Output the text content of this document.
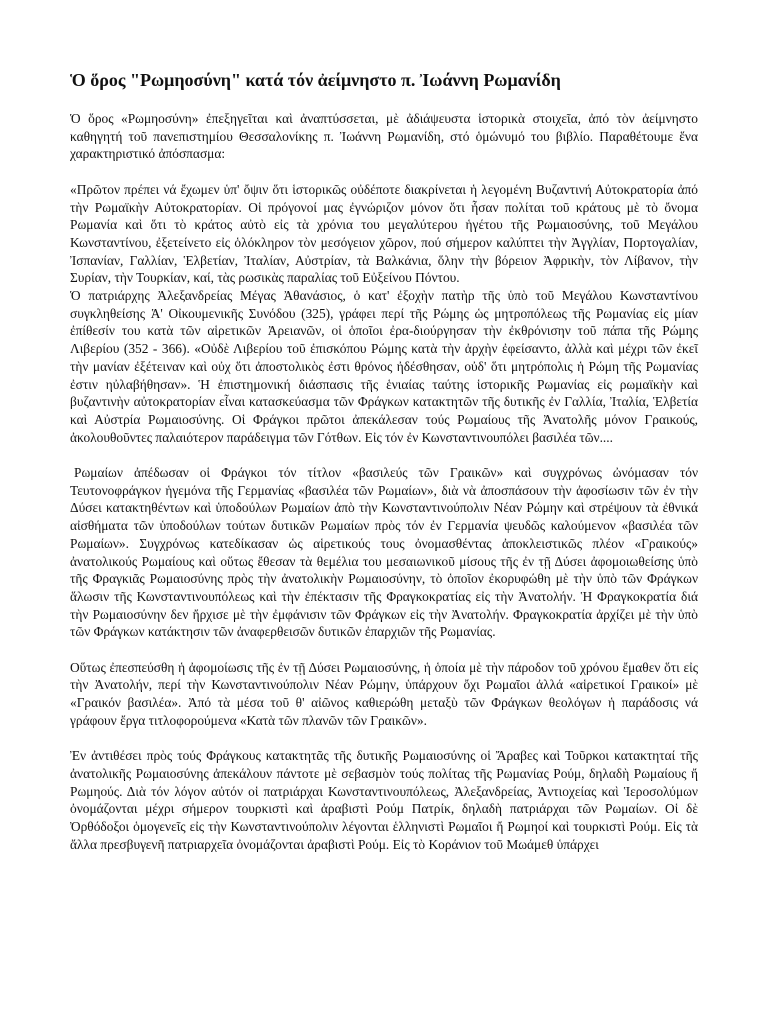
Ὁ ὅρος "Ρωμηοσύνη" κατά τόν ἀείμνηστο π. Ἰωάννη Ρωμανίδη

Ὁ ὅρος «Ρωμηοσύνη» ἐπεξηγεῖται καὶ ἀναπτύσσεται, μὲ ἀδιάψευστα ἱστορικὰ στοιχεῖα, ἀπό τὸν ἀείμνηστο καθηγητή τοῦ πανεπιστημίου Θεσσαλονίκης π. Ἰωάννη Ρωμανίδη, στό ὁμώνυμό του βιβλίο. Παραθέτουμε ἕνα χαρακτηριστικό ἀπόσπασμα:

«Πρῶτον πρέπει νά ἔχωμεν ὑπ' ὄψιν ὅτι ἱστορικῶς οὐδέποτε διακρίνεται ἡ λεγομένη Βυζαντινή Αὐτοκρατορία ἀπό τὴν Ρωμαϊκὴν Αὐτοκρατορίαν. Οἱ πρόγονοί μας ἐγνώριζον μόνον ὅτι ἦσαν πολίται τοῦ κράτους μὲ τὸ ὄνομα Ρωμανία καὶ ὅτι τὸ κράτος αὐτὸ εἰς τὰ χρόνια του μεγαλύτερου ἡγέτου τῆς Ρωμαιοσύνης, τοῦ Μεγάλου Κωνσταντίνου, ἐξετείνετο εἰς ὁλόκληρον τὸν μεσόγειον χῶρον, πού σήμερον καλύπτει τὴν Ἀγγλίαν, Πορτογαλίαν, Ἰσπανίαν, Γαλλίαν, Ἑλβετίαν, Ἰταλίαν, Αὐστρίαν, τὰ Βαλκάνια, ὅλην τὴν βόρειον Ἀφρικὴν, τὸν Λίβανον, τὴν Συρίαν, τὴν Τουρκίαν, καί, τὰς ρωσικὰς παραλίας τοῦ Εὐξείνου Πόντου.

Ὁ πατριάρχης Ἀλεξανδρείας Μέγας Ἀθανάσιος, ὁ κατ' ἐξοχὴν πατὴρ τῆς ὑπὸ τοῦ Μεγάλου Κωνσταντίνου συγκληθείσης Ἁ' Οἰκουμενικῆς Συνόδου (325), γράφει περί τῆς Ρώμης ὡς μητροπόλεως τῆς Ρωμανίας εἰς μίαν ἐπίθεσίν του κατὰ τῶν αἱρετικῶν Ἀρειανῶν, οἱ ὁποῖοι ἐρα-διούργησαν τὴν ἐκθρόνισην τοῦ πάπα τῆς Ρώμης Λιβερίου (352 - 366). «Οὐδὲ Λιβερίου τοῦ ἐπισκόπου Ρώμης κατὰ τὴν ἀρχὴν ἐφείσαντο, ἀλλὰ καὶ μέχρι τῶν ἐκεῖ τὴν μανίαν ἐξέτειναν καὶ οὐχ ὅτι ἀποστολικὸς ἐστι θρόνος ἠδέσθησαν, οὐδ' ὅτι μητρόπολις ἡ Ρώμη τῆς Ρωμανίας ἐστιν ηὐλαβήθησαν». Ἡ ἐπιστημονική διάσπασις τῆς ἑνιαίας ταύτης ἱστορικῆς Ρωμανίας εἰς ρωμαϊκὴν καὶ βυζαντινὴν αὐτοκρατορίαν εἶναι κατασκεύασμα τῶν Φράγκων κατακτητῶν τῆς δυτικῆς ἐν Γαλλία, Ἰταλία, Ἑλβετία καὶ Αὐστρία Ρωμαιοσύνης. Οἱ Φράγκοι πρῶτοι ἀπεκάλεσαν τούς Ρωμαίους τῆς Ἀνατολῆς μόνον Γραικούς, ἀκολουθοῦντες παλαιότερον παράδειγμα τῶν Γότθων. Εἰς τόν ἐν Κωνσταντινουπόλει βασιλέα τῶν....

Ρωμαίων ἀπέδωσαν οἱ Φράγκοι τόν τίτλον «βασιλεύς τῶν Γραικῶν» καὶ συγχρόνως ὠνόμασαν τόν Τευτονοφράγκον ἡγεμόνα τῆς Γερμανίας «βασιλέα τῶν Ρωμαίων», διὰ νὰ ἀποσπάσουν τὴν ἀφοσίωσιν τῶν ἐν τὴν Δύσει κατακτηθέντων καὶ ὑποδούλων Ρωμαίων ἀπὸ τὴν Κωνσταντινούπολιν Νέαν Ρώμην καὶ στρέψουν τὰ ἐθνικά αἰσθήματα τῶν ὑποδούλων τούτων δυτικῶν Ρωμαίων πρὸς τόν ἐν Γερμανία ψευδῶς καλούμενον «βασιλέα τῶν Ρωμαίων». Συγχρόνως κατεδίκασαν ὡς αἱρετικούς τους ὀνομασθέντας ἀποκλειστικῶς πλέον «Γραικούς» ἀνατολικούς Ρωμαίους καὶ οὕτως ἔθεσαν τὰ θεμέλια του μεσαιωνικοῦ μίσους τῆς ἐν τῇ Δύσει ἀφομοιωθείσης ὑπὸ τῆς Φραγκιᾶς Ρωμαιοσύνης πρὸς τὴν ἀνατολικὴν Ρωμαιοσύνην, τὸ ὁποῖον ἐκορυφώθη μὲ τὴν ὑπὸ τῶν Φράγκων ἅλωσιν τῆς Κωνσταντινουπόλεως καὶ τὴν ἐπέκτασιν τῆς Φραγκοκρατίας εἰς τὴν Ἀνατολήν. Ἡ Φραγκοκρατία διά τὴν Ρωμαιοσύνην δεν ἤρχισε μὲ τὴν ἐμφάνισιν τῶν Φράγκων εἰς τὴν Ἀνατολήν. Φραγκοκρατία ἀρχίζει μὲ τὴν ὑπὸ τῶν Φράγκων κατάκτησιν τῶν ἀναφερθεισῶν δυτικῶν ἐπαρχιῶν τῆς Ρωμανίας.

Οὕτως ἐπεσπεύσθη ἡ ἀφομοίωσις τῆς ἐν τῇ Δύσει Ρωμαιοσύνης, ἡ ὁποία μὲ τὴν πάροδον τοῦ χρόνου ἔμαθεν ὅτι εἰς τὴν Ἀνατολήν, περί τὴν Κωνσταντινούπολιν Νέαν Ρώμην, ὑπάρχουν ὄχι Ρωμαῖοι ἀλλά «αἱρετικοί Γραικοί» μὲ «Γραικόν βασιλέα». Ἀπό τὰ μέσα τοῦ θ' αἰῶνος καθιερώθη μεταξὺ τῶν Φράγκων θεολόγων ἡ παράδοσις νά γράφουν ἔργα τιτλοφορούμενα «Κατὰ τῶν πλανῶν τῶν Γραικῶν».

Ἐν ἀντιθέσει πρὸς τούς Φράγκους κατακτητᾶς τῆς δυτικῆς Ρωμαιοσύνης οἱ Ἄραβες καὶ Τοῦρκοι κατακτηταί τῆς ἀνατολικῆς Ρωμαιοσύνης ἀπεκάλουν πάντοτε μὲ σεβασμὸν τούς πολίτας τῆς Ρωμανίας Ρούμ, δηλαδὴ Ρωμαίους ἤ Ρωμηούς. Διὰ τόν λόγον αὐτόν οἱ πατριάρχαι Κωνσταντινουπόλεως, Ἀλεξανδρείας, Ἀντιοχείας καὶ Ἱεροσολύμων ὀνομάζονται μέχρι σήμερον τουρκιστὶ καὶ ἀραβιστὶ Ρούμ Πατρίκ, δηλαδὴ πατριάρχαι τῶν Ρωμαίων. Οἱ δὲ Ὀρθόδοξοι ὁμογενεῖς εἰς τὴν Κωνσταντινούπολιν λέγονται ἑλληνιστὶ Ρωμαῖοι ἤ Ρωμηοί καὶ τουρκιστὶ Ρούμ. Εἰς τὰ ἄλλα πρεσβυγενῆ πατριαρχεῖα ὀνομάζονται ἀραβιστὶ Ρούμ. Εἰς τὸ Κοράνιον τοῦ Μωάμεθ ὑπάρχει
